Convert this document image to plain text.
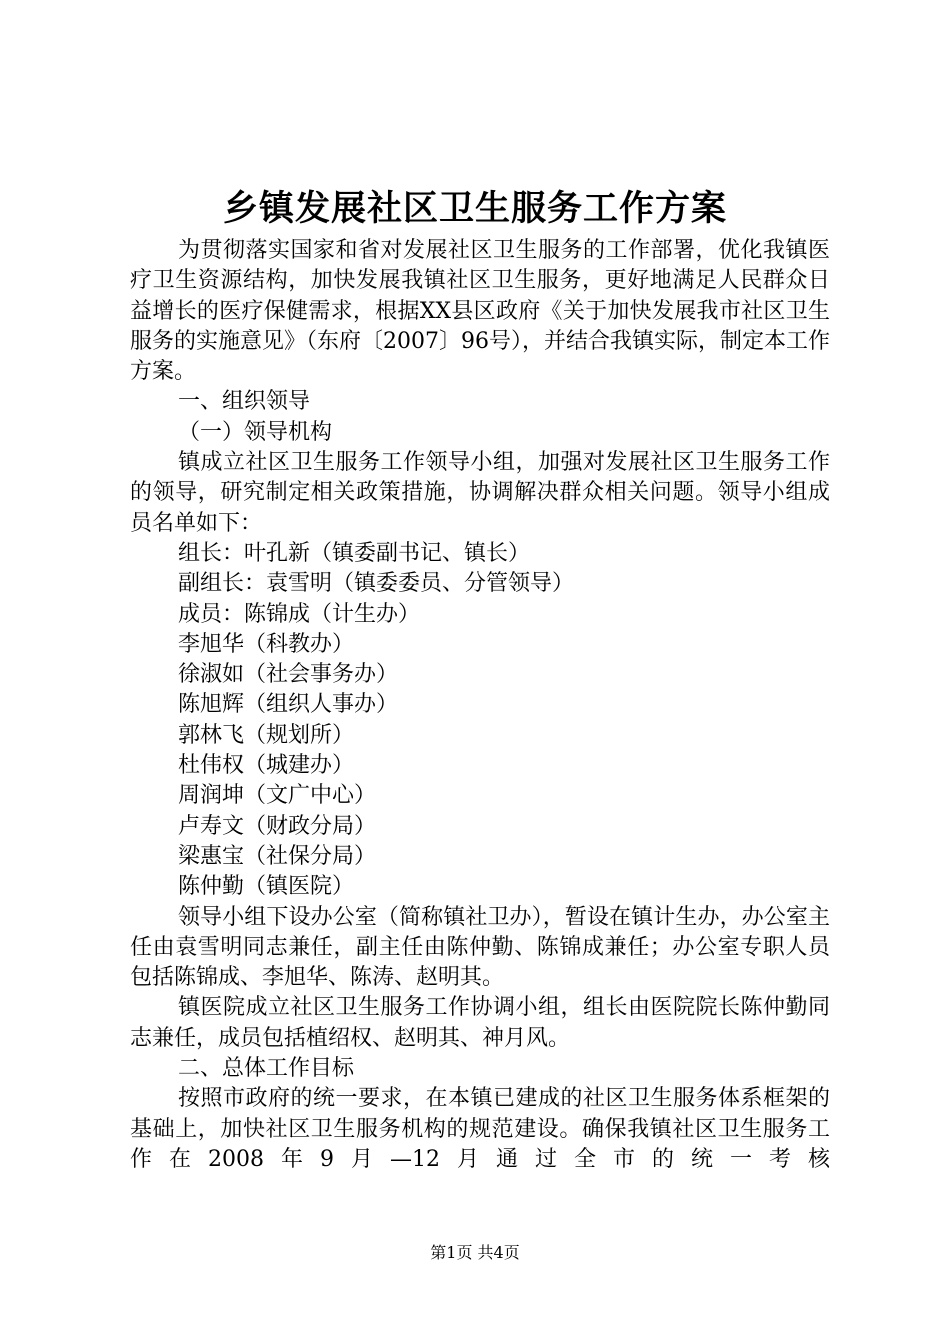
乡镇发展社区卫生服务工作方案

为贯彻落实国家和省对发展社区卫生服务的工作部署，优化我镇医疗卫生资源结构，加快发展我镇社区卫生服务，更好地满足人民群众日益增长的医疗保健需求，根据XX县区政府《关于加快发展我市社区卫生服务的实施意见》（东府〔2007〕96号），并结合我镇实际，制定本工作方案。

一、组织领导

（一）领导机构

镇成立社区卫生服务工作领导小组，加强对发展社区卫生服务工作的领导，研究制定相关政策措施，协调解决群众相关问题。领导小组成员名单如下：

组长：叶孔新（镇委副书记、镇长）

副组长：袁雪明（镇委委员、分管领导）

成员：陈锦成（计生办）

李旭华（科教办）

徐淑如（社会事务办）

陈旭辉（组织人事办）

郭林飞（规划所）

杜伟权（城建办）

周润坤（文广中心）

卢寿文（财政分局）

梁惠宝（社保分局）

陈仲勤（镇医院）

领导小组下设办公室（简称镇社卫办），暂设在镇计生办，办公室主任由袁雪明同志兼任，副主任由陈仲勤、陈锦成兼任；办公室专职人员包括陈锦成、李旭华、陈涛、赵明其。

镇医院成立社区卫生服务工作协调小组，组长由医院院长陈仲勤同志兼任，成员包括植绍权、赵明其、神月风。

二、总体工作目标

按照市政府的统一要求，在本镇已建成的社区卫生服务体系框架的基础上，加快社区卫生服务机构的规范建设。确保我镇社区卫生服务工作在2008年9月—12月通过全市的统一考核

第1页 共4页
